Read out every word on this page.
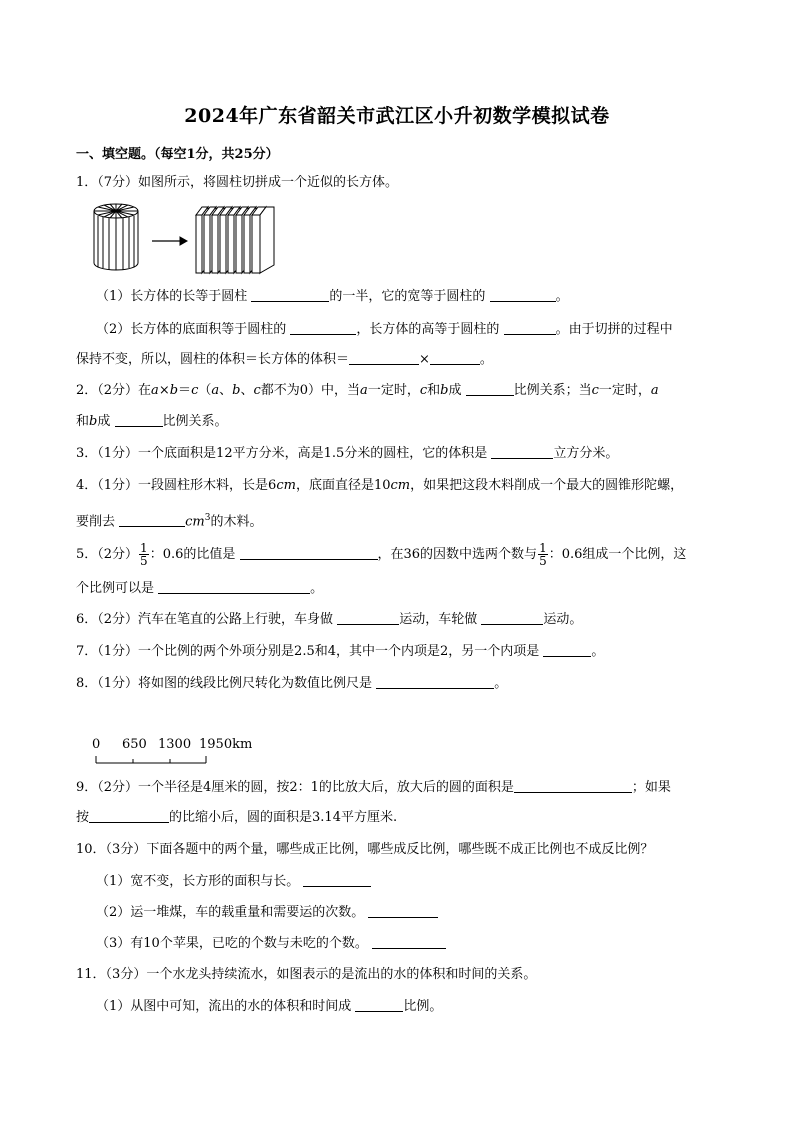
2024年广东省韶关市武江区小升初数学模拟试卷
一、填空题。（每空1分，共25分）
1．（7分）如图所示，将圆柱切拼成一个近似的长方体。
（1）长方体的长等于圆柱	的一半，它的宽等于圆柱的	。
（2）长方体的底面积等于圆柱的	，长方体的高等于圆柱的	。由于切拼的过程中
保持不变，所以，圆柱的体积＝长方体的体积＝	×	。
2．（2分）在a×b＝c（a、b、c都不为0）中，当a一定时，c和b成	比例关系；当c一定时，a
和b成	比例关系。
3．（1分）一个底面积是12平方分米，高是1.5分米的圆柱，它的体积是	立方分米。
4．（1分）一段圆柱形木料，长是6cm，底面直径是10cm，如果把这段木料削成一个最大的圆锥形陀螺，
要削去	$cm^3$的木料。
5．（2分） $\frac{1}{5}$ ：0.6的比值是	，在36的因数中选两个数与 $\frac{1}{5}$ ：0.6组成一个比例，这
个比例可以是	。
6．（2分）汽车在笔直的公路上行驶，车身做	运动，车轮做	运动。
7．（1分）一个比例的两个外项分别是2.5和4，其中一个内项是2，另一个内项是	。
8．（1分）将如图的线段比例尺转化为数值比例尺是	。
0 650 1300 1950km
9．（2分）一个半径是4厘米的圆，按2：1的比放大后，放大后的圆的面积是	；如果
按	的比缩小后，圆的面积是3.14平方厘米.
10．（3分）下面各题中的两个量，哪些成正比例，哪些成反比例，哪些既不成正比例也不成反比例？
（1）宽不变，长方形的面积与长。
（2）运一堆煤，车的载重量和需要运的次数。
（3）有10个苹果，已吃的个数与未吃的个数。
11．（3分）一个水龙头持续流水，如图表示的是流出的水的体积和时间的关系。
（1）从图中可知，流出的水的体积和时间成	比例。
